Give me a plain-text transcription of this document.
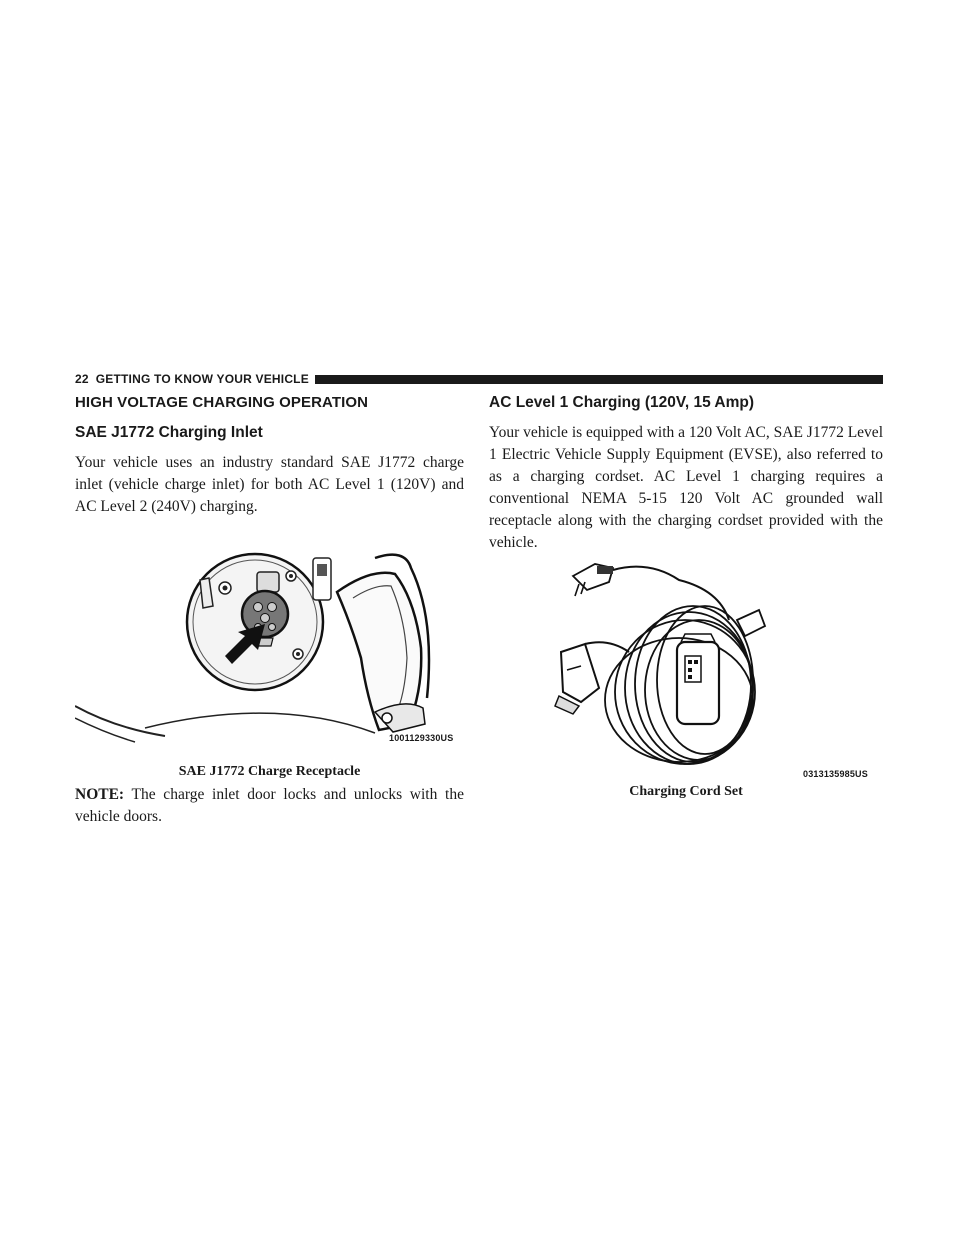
22 GETTING TO KNOW YOUR VEHICLE
HIGH VOLTAGE CHARGING OPERATION
SAE J1772 Charging Inlet

Your vehicle uses an industry standard SAE J1772 charge inlet (vehicle charge inlet) for both AC Level 1 (120V) and AC Level 2 (240V) charging.

1001129330US
SAE J1772 Charge Receptacle

NOTE: The charge inlet door locks and unlocks with the vehicle doors.

AC Level 1 Charging (120V, 15 Amp)

Your vehicle is equipped with a 120 Volt AC, SAE J1772 Level 1 Electric Vehicle Supply Equipment (EVSE), also referred to as a charging cordset. AC Level 1 charging requires a conventional NEMA 5-15 120 Volt AC grounded wall receptacle along with the charging cordset provided with the vehicle.

0313135985US
Charging Cord Set
